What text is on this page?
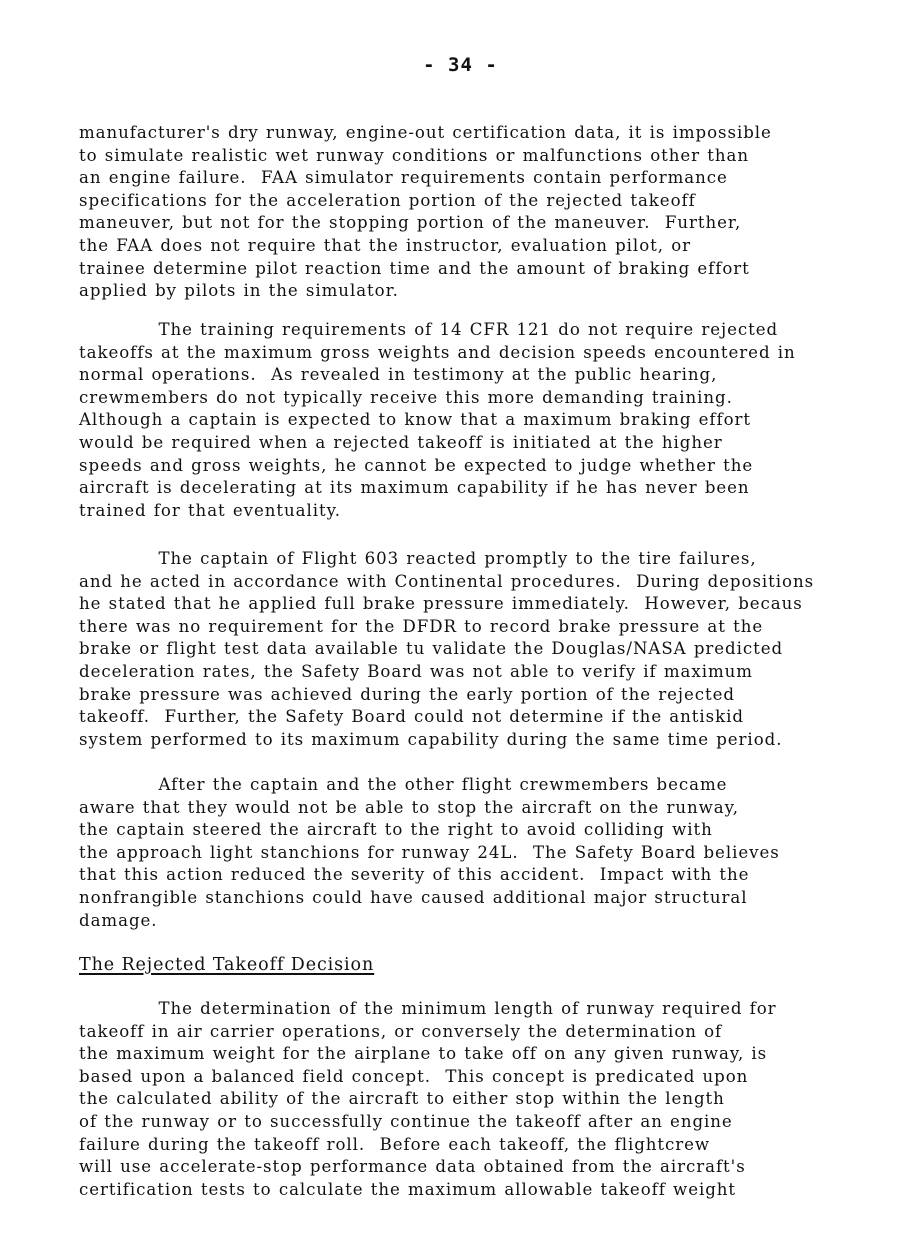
- 34 -
manufacturer's dry runway, engine-out certification data, it is impossible
to simulate realistic wet runway conditions or malfunctions other than
an engine failure.  FAA simulator requirements contain performance
specifications for the acceleration portion of the rejected takeoff
maneuver, but not for the stopping portion of the maneuver.  Further,
the FAA does not require that the instructor, evaluation pilot, or
trainee determine pilot reaction time and the amount of braking effort
applied by pilots in the simulator.
The training requirements of 14 CFR 121 do not require rejected
takeoffs at the maximum gross weights and decision speeds encountered in
normal operations.  As revealed in testimony at the public hearing,
crewmembers do not typically receive this more demanding training.
Although a captain is expected to know that a maximum braking effort
would be required when a rejected takeoff is initiated at the higher
speeds and gross weights, he cannot be expected to judge whether the
aircraft is decelerating at its maximum capability if he has never been
trained for that eventuality.
The captain of Flight 603 reacted promptly to the tire failures,
and he acted in accordance with Continental procedures.  During depositions
he stated that he applied full brake pressure immediately.  However, becaus
there was no requirement for the DFDR to record brake pressure at the
brake or flight test data available tu validate the Douglas/NASA predicted
deceleration rates, the Safety Board was not able to verify if maximum
brake pressure was achieved during the early portion of the rejected
takeoff.  Further, the Safety Board could not determine if the antiskid
system performed to its maximum capability during the same time period.
After the captain and the other flight crewmembers became
aware that they would not be able to stop the aircraft on the runway,
the captain steered the aircraft to the right to avoid colliding with
the approach light stanchions for runway 24L.  The Safety Board believes
that this action reduced the severity of this accident.  Impact with the
nonfrangible stanchions could have caused additional major structural
damage.
The Rejected Takeoff Decision
The determination of the minimum length of runway required for
takeoff in air carrier operations, or conversely the determination of
the maximum weight for the airplane to take off on any given runway, is
based upon a balanced field concept.  This concept is predicated upon
the calculated ability of the aircraft to either stop within the length
of the runway or to successfully continue the takeoff after an engine
failure during the takeoff roll.  Before each takeoff, the flightcrew
will use accelerate-stop performance data obtained from the aircraft's
certification tests to calculate the maximum allowable takeoff weight
